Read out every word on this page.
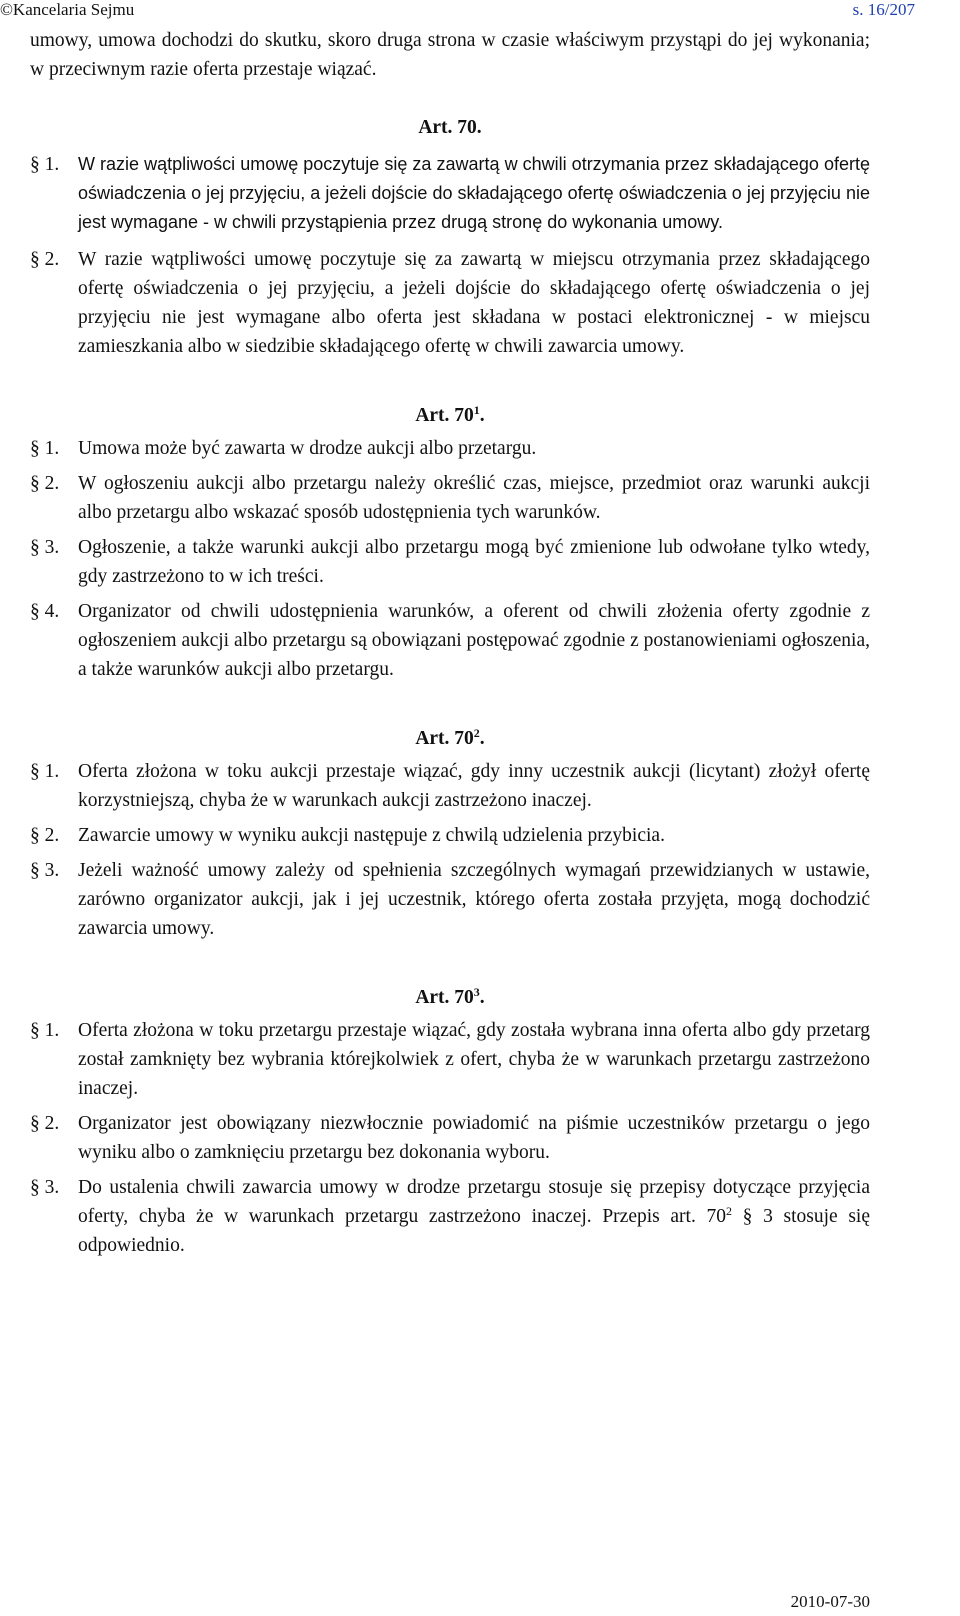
©Kancelaria Sejmu	s. 16/207

umowy, umowa dochodzi do skutku, skoro druga strona w czasie właściwym przystąpi do jej wykonania; w przeciwnym razie oferta przestaje wiązać.

Art. 70.

§ 1.	W razie wątpliwości umowę poczytuje się za zawartą w chwili otrzymania przez składającego ofertę oświadczenia o jej przyjęciu, a jeżeli dojście do składającego ofertę oświadczenia o jej przyjęciu nie jest wymagane - w chwili przystąpienia przez drugą stronę do wykonania umowy.
§ 2. W razie wątpliwości umowę poczytuje się za zawartą w miejscu otrzymania przez składającego ofertę oświadczenia o jej przyjęciu, a jeżeli dojście do składającego ofertę oświadczenia o jej przyjęciu nie jest wymagane albo oferta jest składana w postaci elektronicznej - w miejscu zamieszkania albo w siedzibie składającego ofertę w chwili zawarcia umowy.

Art. $70^1$.

§ 1. Umowa może być zawarta w drodze aukcji albo przetargu.
§ 2. W ogłoszeniu aukcji albo przetargu należy określić czas, miejsce, przedmiot oraz warunki aukcji albo przetargu albo wskazać sposób udostępnienia tych warunków.
§ 3. Ogłoszenie, a także warunki aukcji albo przetargu mogą być zmienione lub odwołane tylko wtedy, gdy zastrzeżono to w ich treści.
§ 4. Organizator od chwili udostępnienia warunków, a oferent od chwili złożenia oferty zgodnie z ogłoszeniem aukcji albo przetargu są obowiązani postępować zgodnie z postanowieniami ogłoszenia, a także warunków aukcji albo przetargu.

Art. $70^2$.

§ 1. Oferta złożona w toku aukcji przestaje wiązać, gdy inny uczestnik aukcji (licytant) złożył ofertę korzystniejszą, chyba że w warunkach aukcji zastrzeżono inaczej.
§ 2. Zawarcie umowy w wyniku aukcji następuje z chwilą udzielenia przybicia.
§ 3. Jeżeli ważność umowy zależy od spełnienia szczególnych wymagań przewidzianych w ustawie, zarówno organizator aukcji, jak i jej uczestnik, którego oferta została przyjęta, mogą dochodzić zawarcia umowy.

Art. $70^3$.

§ 1. Oferta złożona w toku przetargu przestaje wiązać, gdy została wybrana inna oferta albo gdy przetarg został zamknięty bez wybrania którejkolwiek z ofert, chyba że w warunkach przetargu zastrzeżono inaczej.
§ 2. Organizator jest obowiązany niezwłocznie powiadomić na piśmie uczestników przetargu o jego wyniku albo o zamknięciu przetargu bez dokonania wyboru.
§ 3. Do ustalenia chwili zawarcia umowy w drodze przetargu stosuje się przepisy dotyczące przyjęcia oferty, chyba że w warunkach przetargu zastrzeżono inaczej. Przepis art. $70^2$ § 3 stosuje się odpowiednio.
2010-07-30
